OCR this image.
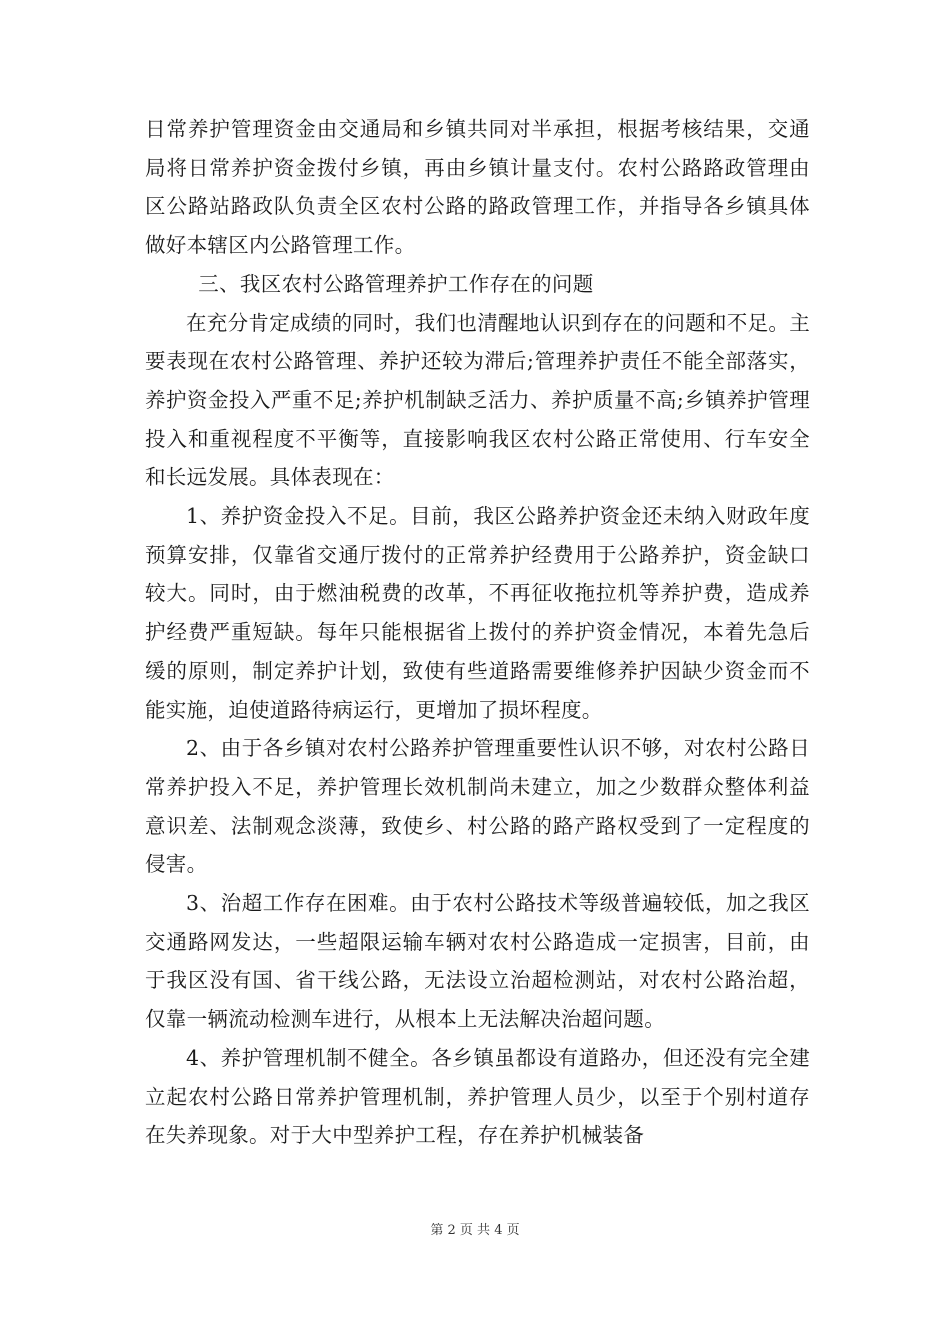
日常养护管理资金由交通局和乡镇共同对半承担，根据考核结果，交通局将日常养护资金拨付乡镇，再由乡镇计量支付。农村公路路政管理由区公路站路政队负责全区农村公路的路政管理工作，并指导各乡镇具体做好本辖区内公路管理工作。

三、我区农村公路管理养护工作存在的问题

在充分肯定成绩的同时，我们也清醒地认识到存在的问题和不足。主要表现在农村公路管理、养护还较为滞后;管理养护责任不能全部落实，养护资金投入严重不足;养护机制缺乏活力、养护质量不高;乡镇养护管理投入和重视程度不平衡等，直接影响我区农村公路正常使用、行车安全和长远发展。具体表现在：

1、养护资金投入不足。目前，我区公路养护资金还未纳入财政年度预算安排，仅靠省交通厅拨付的正常养护经费用于公路养护，资金缺口较大。同时，由于燃油税费的改革，不再征收拖拉机等养护费，造成养护经费严重短缺。每年只能根据省上拨付的养护资金情况，本着先急后缓的原则，制定养护计划，致使有些道路需要维修养护因缺少资金而不能实施，迫使道路待病运行，更增加了损坏程度。

2、由于各乡镇对农村公路养护管理重要性认识不够，对农村公路日常养护投入不足，养护管理长效机制尚未建立，加之少数群众整体利益意识差、法制观念淡薄，致使乡、村公路的路产路权受到了一定程度的侵害。

3、治超工作存在困难。由于农村公路技术等级普遍较低，加之我区交通路网发达，一些超限运输车辆对农村公路造成一定损害，目前，由于我区没有国、省干线公路，无法设立治超检测站，对农村公路治超，仅靠一辆流动检测车进行，从根本上无法解决治超问题。

4、养护管理机制不健全。各乡镇虽都设有道路办，但还没有完全建立起农村公路日常养护管理机制，养护管理人员少，以至于个别村道存在失养现象。对于大中型养护工程，存在养护机械装备

第 2 页 共 4 页
